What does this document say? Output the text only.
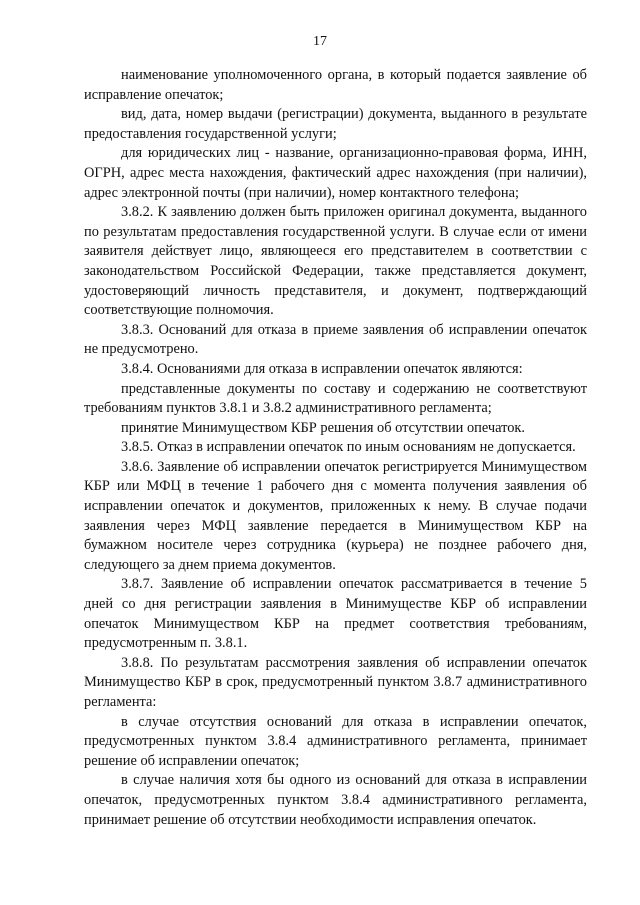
17

наименование уполномоченного органа, в который подается заявление об исправление опечаток;

вид, дата, номер выдачи (регистрации) документа, выданного в результате предоставления государственной услуги;

для юридических лиц - название, организационно-правовая форма, ИНН, ОГРН, адрес места нахождения, фактический адрес нахождения (при наличии), адрес электронной почты (при наличии), номер контактного телефона;

3.8.2. К заявлению должен быть приложен оригинал документа, выданного по результатам предоставления государственной услуги. В случае если от имени заявителя действует лицо, являющееся его представителем в соответствии с законодательством Российской Федерации, также представляется документ, удостоверяющий личность представителя, и документ, подтверждающий соответствующие полномочия.

3.8.3. Оснований для отказа в приеме заявления об исправлении опечаток не предусмотрено.

3.8.4. Основаниями для отказа в исправлении опечаток являются:

представленные документы по составу и содержанию не соответствуют требованиям пунктов 3.8.1 и 3.8.2 административного регламента;

принятие Минимуществом КБР решения об отсутствии опечаток.

3.8.5. Отказ в исправлении опечаток по иным основаниям не допускается.

3.8.6. Заявление об исправлении опечаток регистрируется Минимуществом КБР или МФЦ в течение 1 рабочего дня с момента получения заявления об исправлении опечаток и документов, приложенных к нему. В случае подачи заявления через МФЦ заявление передается в Минимуществом КБР на бумажном носителе через сотрудника (курьера) не позднее рабочего дня, следующего за днем приема документов.

3.8.7. Заявление об исправлении опечаток рассматривается в течение 5 дней со дня регистрации заявления в Минимуществе КБР об исправлении опечаток Минимуществом КБР на предмет соответствия требованиям, предусмотренным п. 3.8.1.

3.8.8. По результатам рассмотрения заявления об исправлении опечаток Минимущество КБР в срок, предусмотренный пунктом 3.8.7 административного регламента:

в случае отсутствия оснований для отказа в исправлении опечаток, предусмотренных пунктом 3.8.4 административного регламента, принимает решение об исправлении опечаток;

в случае наличия хотя бы одного из оснований для отказа в исправлении опечаток, предусмотренных пунктом 3.8.4 административного регламента, принимает решение об отсутствии необходимости исправления опечаток.
